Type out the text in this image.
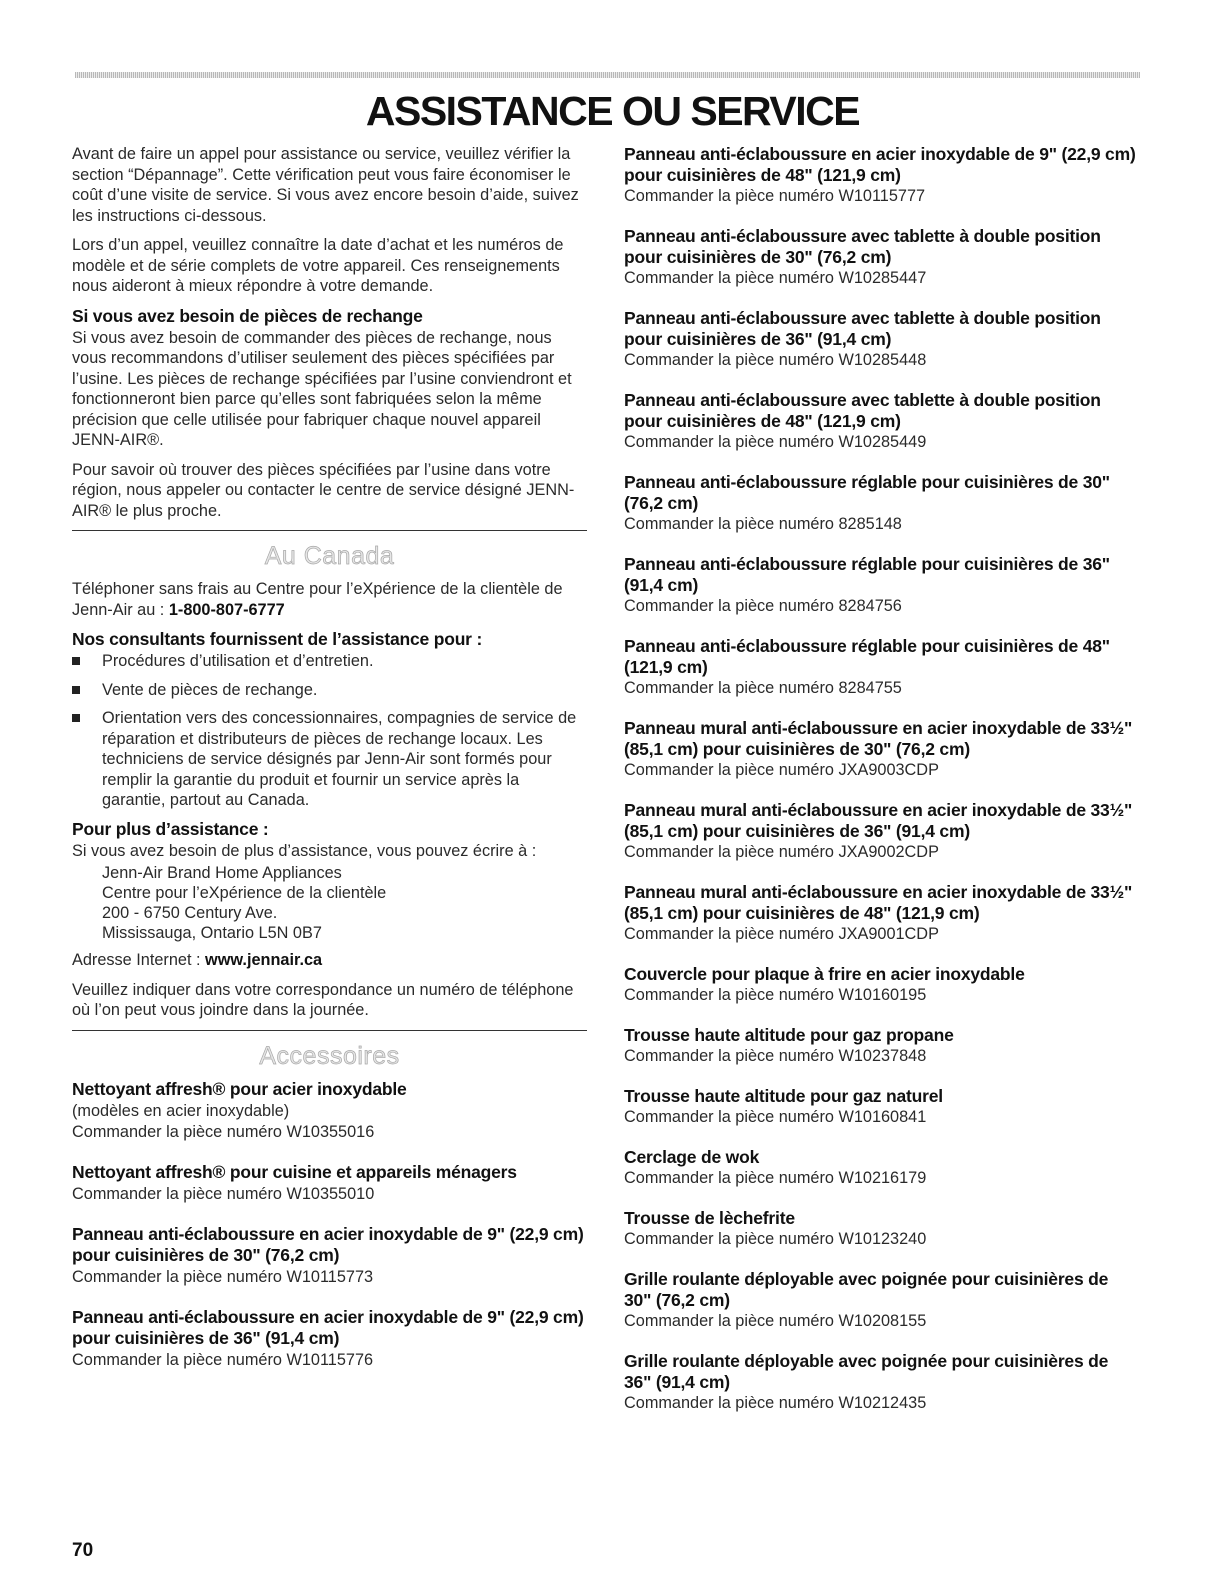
ASSISTANCE OU SERVICE

Avant de faire un appel pour assistance ou service, veuillez vérifier la section “Dépannage”. Cette vérification peut vous faire économiser le coût d’une visite de service. Si vous avez encore besoin d’aide, suivez les instructions ci-dessous.

Lors d’un appel, veuillez connaître la date d’achat et les numéros de modèle et de série complets de votre appareil. Ces renseignements nous aideront à mieux répondre à votre demande.

Si vous avez besoin de pièces de rechange

Si vous avez besoin de commander des pièces de rechange, nous vous recommandons d’utiliser seulement des pièces spécifiées par l’usine. Les pièces de rechange spécifiées par l’usine conviendront et fonctionneront bien parce qu’elles sont fabriquées selon la même précision que celle utilisée pour fabriquer chaque nouvel appareil JENN-AIR®.

Pour savoir où trouver des pièces spécifiées par l’usine dans votre région, nous appeler ou contacter le centre de service désigné JENN-AIR® le plus proche.

Au Canada

Téléphoner sans frais au Centre pour l’eXpérience de la clientèle de Jenn-Air au : 1-800-807-6777

Nos consultants fournissent de l’assistance pour :
Procédures d’utilisation et d’entretien.
Vente de pièces de rechange.
Orientation vers des concessionnaires, compagnies de service de réparation et distributeurs de pièces de rechange locaux. Les techniciens de service désignés par Jenn-Air sont formés pour remplir la garantie du produit et fournir un service après la garantie, partout au Canada.
Pour plus d’assistance :

Si vous avez besoin de plus d’assistance, vous pouvez écrire à :

Jenn-Air Brand Home Appliances
Centre pour l’eXpérience de la clientèle
200 - 6750 Century Ave.
Mississauga, Ontario L5N 0B7

Adresse Internet : www.jennair.ca

Veuillez indiquer dans votre correspondance un numéro de téléphone où l’on peut vous joindre dans la journée.

Accessoires
Nettoyant affresh® pour acier inoxydable
(modèles en acier inoxydable)
Commander la pièce numéro W10355016
Nettoyant affresh® pour cuisine et appareils ménagers
Commander la pièce numéro W10355010
Panneau anti-éclaboussure en acier inoxydable de 9" (22,9 cm) pour cuisinières de 30" (76,2 cm)
Commander la pièce numéro W10115773
Panneau anti-éclaboussure en acier inoxydable de 9" (22,9 cm) pour cuisinières de 36" (91,4 cm)
Commander la pièce numéro W10115776
Panneau anti-éclaboussure en acier inoxydable de 9" (22,9 cm) pour cuisinières de 48" (121,9 cm)
Commander la pièce numéro W10115777
Panneau anti-éclaboussure avec tablette à double position pour cuisinières de 30" (76,2 cm)
Commander la pièce numéro W10285447
Panneau anti-éclaboussure avec tablette à double position pour cuisinières de 36" (91,4 cm)
Commander la pièce numéro W10285448
Panneau anti-éclaboussure avec tablette à double position pour cuisinières de 48" (121,9 cm)
Commander la pièce numéro W10285449
Panneau anti-éclaboussure réglable pour cuisinières de 30" (76,2 cm)
Commander la pièce numéro 8285148
Panneau anti-éclaboussure réglable pour cuisinières de 36" (91,4 cm)
Commander la pièce numéro 8284756
Panneau anti-éclaboussure réglable pour cuisinières de 48" (121,9 cm)
Commander la pièce numéro 8284755
Panneau mural anti-éclaboussure en acier inoxydable de 33½" (85,1 cm) pour cuisinières de 30" (76,2 cm)
Commander la pièce numéro JXA9003CDP
Panneau mural anti-éclaboussure en acier inoxydable de 33½" (85,1 cm) pour cuisinières de 36" (91,4 cm)
Commander la pièce numéro JXA9002CDP
Panneau mural anti-éclaboussure en acier inoxydable de 33½" (85,1 cm) pour cuisinières de 48" (121,9 cm)
Commander la pièce numéro JXA9001CDP
Couvercle pour plaque à frire en acier inoxydable
Commander la pièce numéro W10160195
Trousse haute altitude pour gaz propane
Commander la pièce numéro W10237848
Trousse haute altitude pour gaz naturel
Commander la pièce numéro W10160841
Cerclage de wok
Commander la pièce numéro W10216179
Trousse de lèchefrite
Commander la pièce numéro W10123240
Grille roulante déployable avec poignée pour cuisinières de 30" (76,2 cm)
Commander la pièce numéro W10208155
Grille roulante déployable avec poignée pour cuisinières de 36" (91,4 cm)
Commander la pièce numéro W10212435
70
